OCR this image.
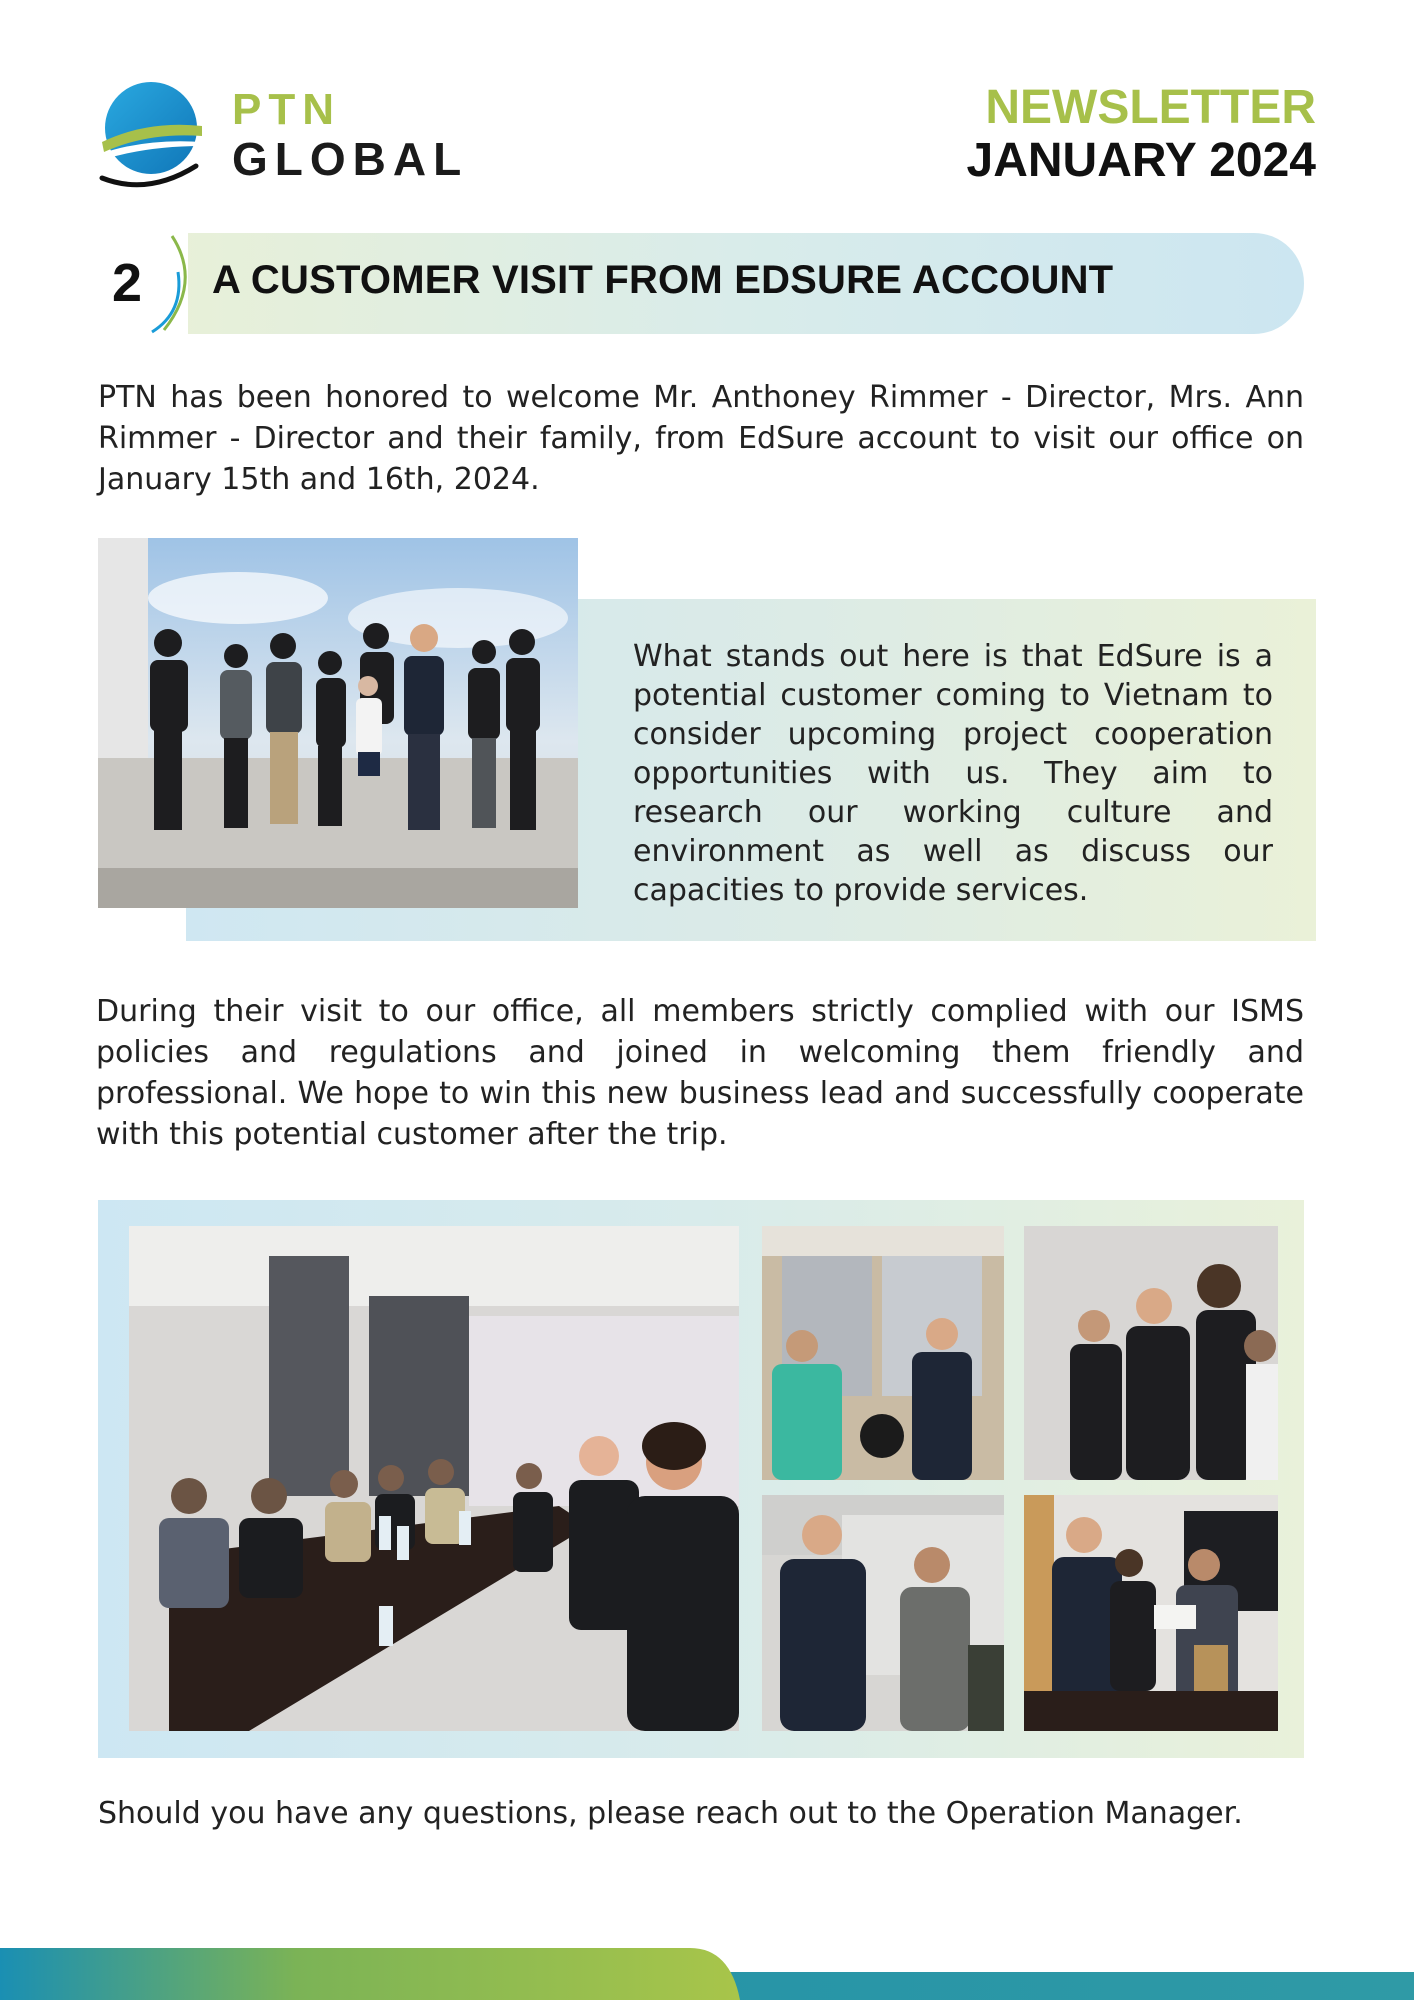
PTN
GLOBAL
NEWSLETTER
JANUARY 2024
2 A CUSTOMER VISIT FROM EDSURE ACCOUNT
PTN has been honored to welcome Mr. Anthoney Rimmer - Director, Mrs. Ann Rimmer - Director and their family, from EdSure account to visit our office on January 15th and 16th, 2024.
What stands out here is that EdSure is a potential customer coming to Vietnam to consider upcoming project cooperation opportunities with us. They aim to research our working culture and environment as well as discuss our capacities to provide services.
During their visit to our office, all members strictly complied with our ISMS policies and regulations and joined in welcoming them friendly and professional. We hope to win this new business lead and successfully cooperate with this potential customer after the trip.
Should you have any questions, please reach out to the Operation Manager.
